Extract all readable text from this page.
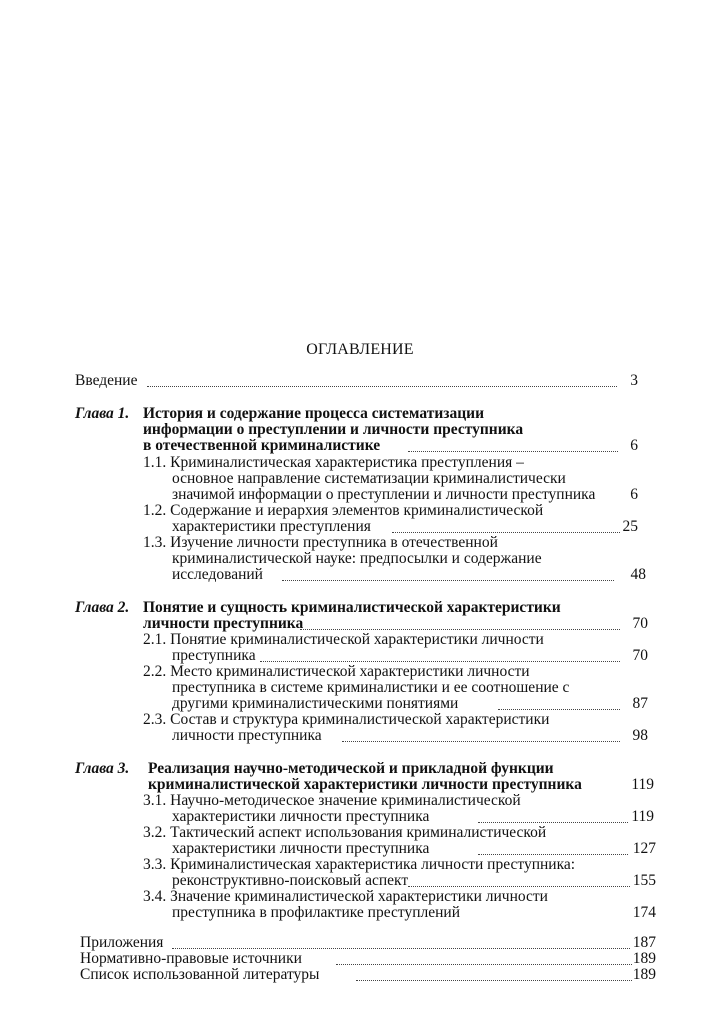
ОГЛАВЛЕНИЕ
Введение	3
Глава 1. История и содержание процесса систематизации
информации о преступлении и личности преступника
в отечественной криминалистике	6
1.1. Криминалистическая характеристика преступления –
основное направление систематизации криминалистически
значимой информации о преступлении и личности преступника	6
1.2. Содержание и иерархия элементов криминалистической
характеристики преступления	25
1.3. Изучение личности преступника в отечественной
криминалистической науке: предпосылки и содержание
исследований	48
Глава 2. Понятие и сущность криминалистической характеристики
личности преступника	70
2.1. Понятие криминалистической характеристики личности
преступника	70
2.2. Место криминалистической характеристики личности
преступника в системе криминалистики и ее соотношение с
другими криминалистическими понятиями	87
2.3. Состав и структура криминалистической характеристики
личности преступника	98
Глава 3. Реализация научно-методической и прикладной функции
криминалистической характеристики личности преступника	119
3.1. Научно-методическое значение криминалистической
характеристики личности преступника	119
3.2. Тактический аспект использования криминалистической
характеристики личности преступника	127
3.3. Криминалистическая характеристика личности преступника:
реконструктивно-поисковый аспект	155
3.4. Значение криминалистической характеристики личности
преступника в профилактике преступлений	174
Приложения	187
Нормативно-правовые источники	189
Список использованной литературы	189
